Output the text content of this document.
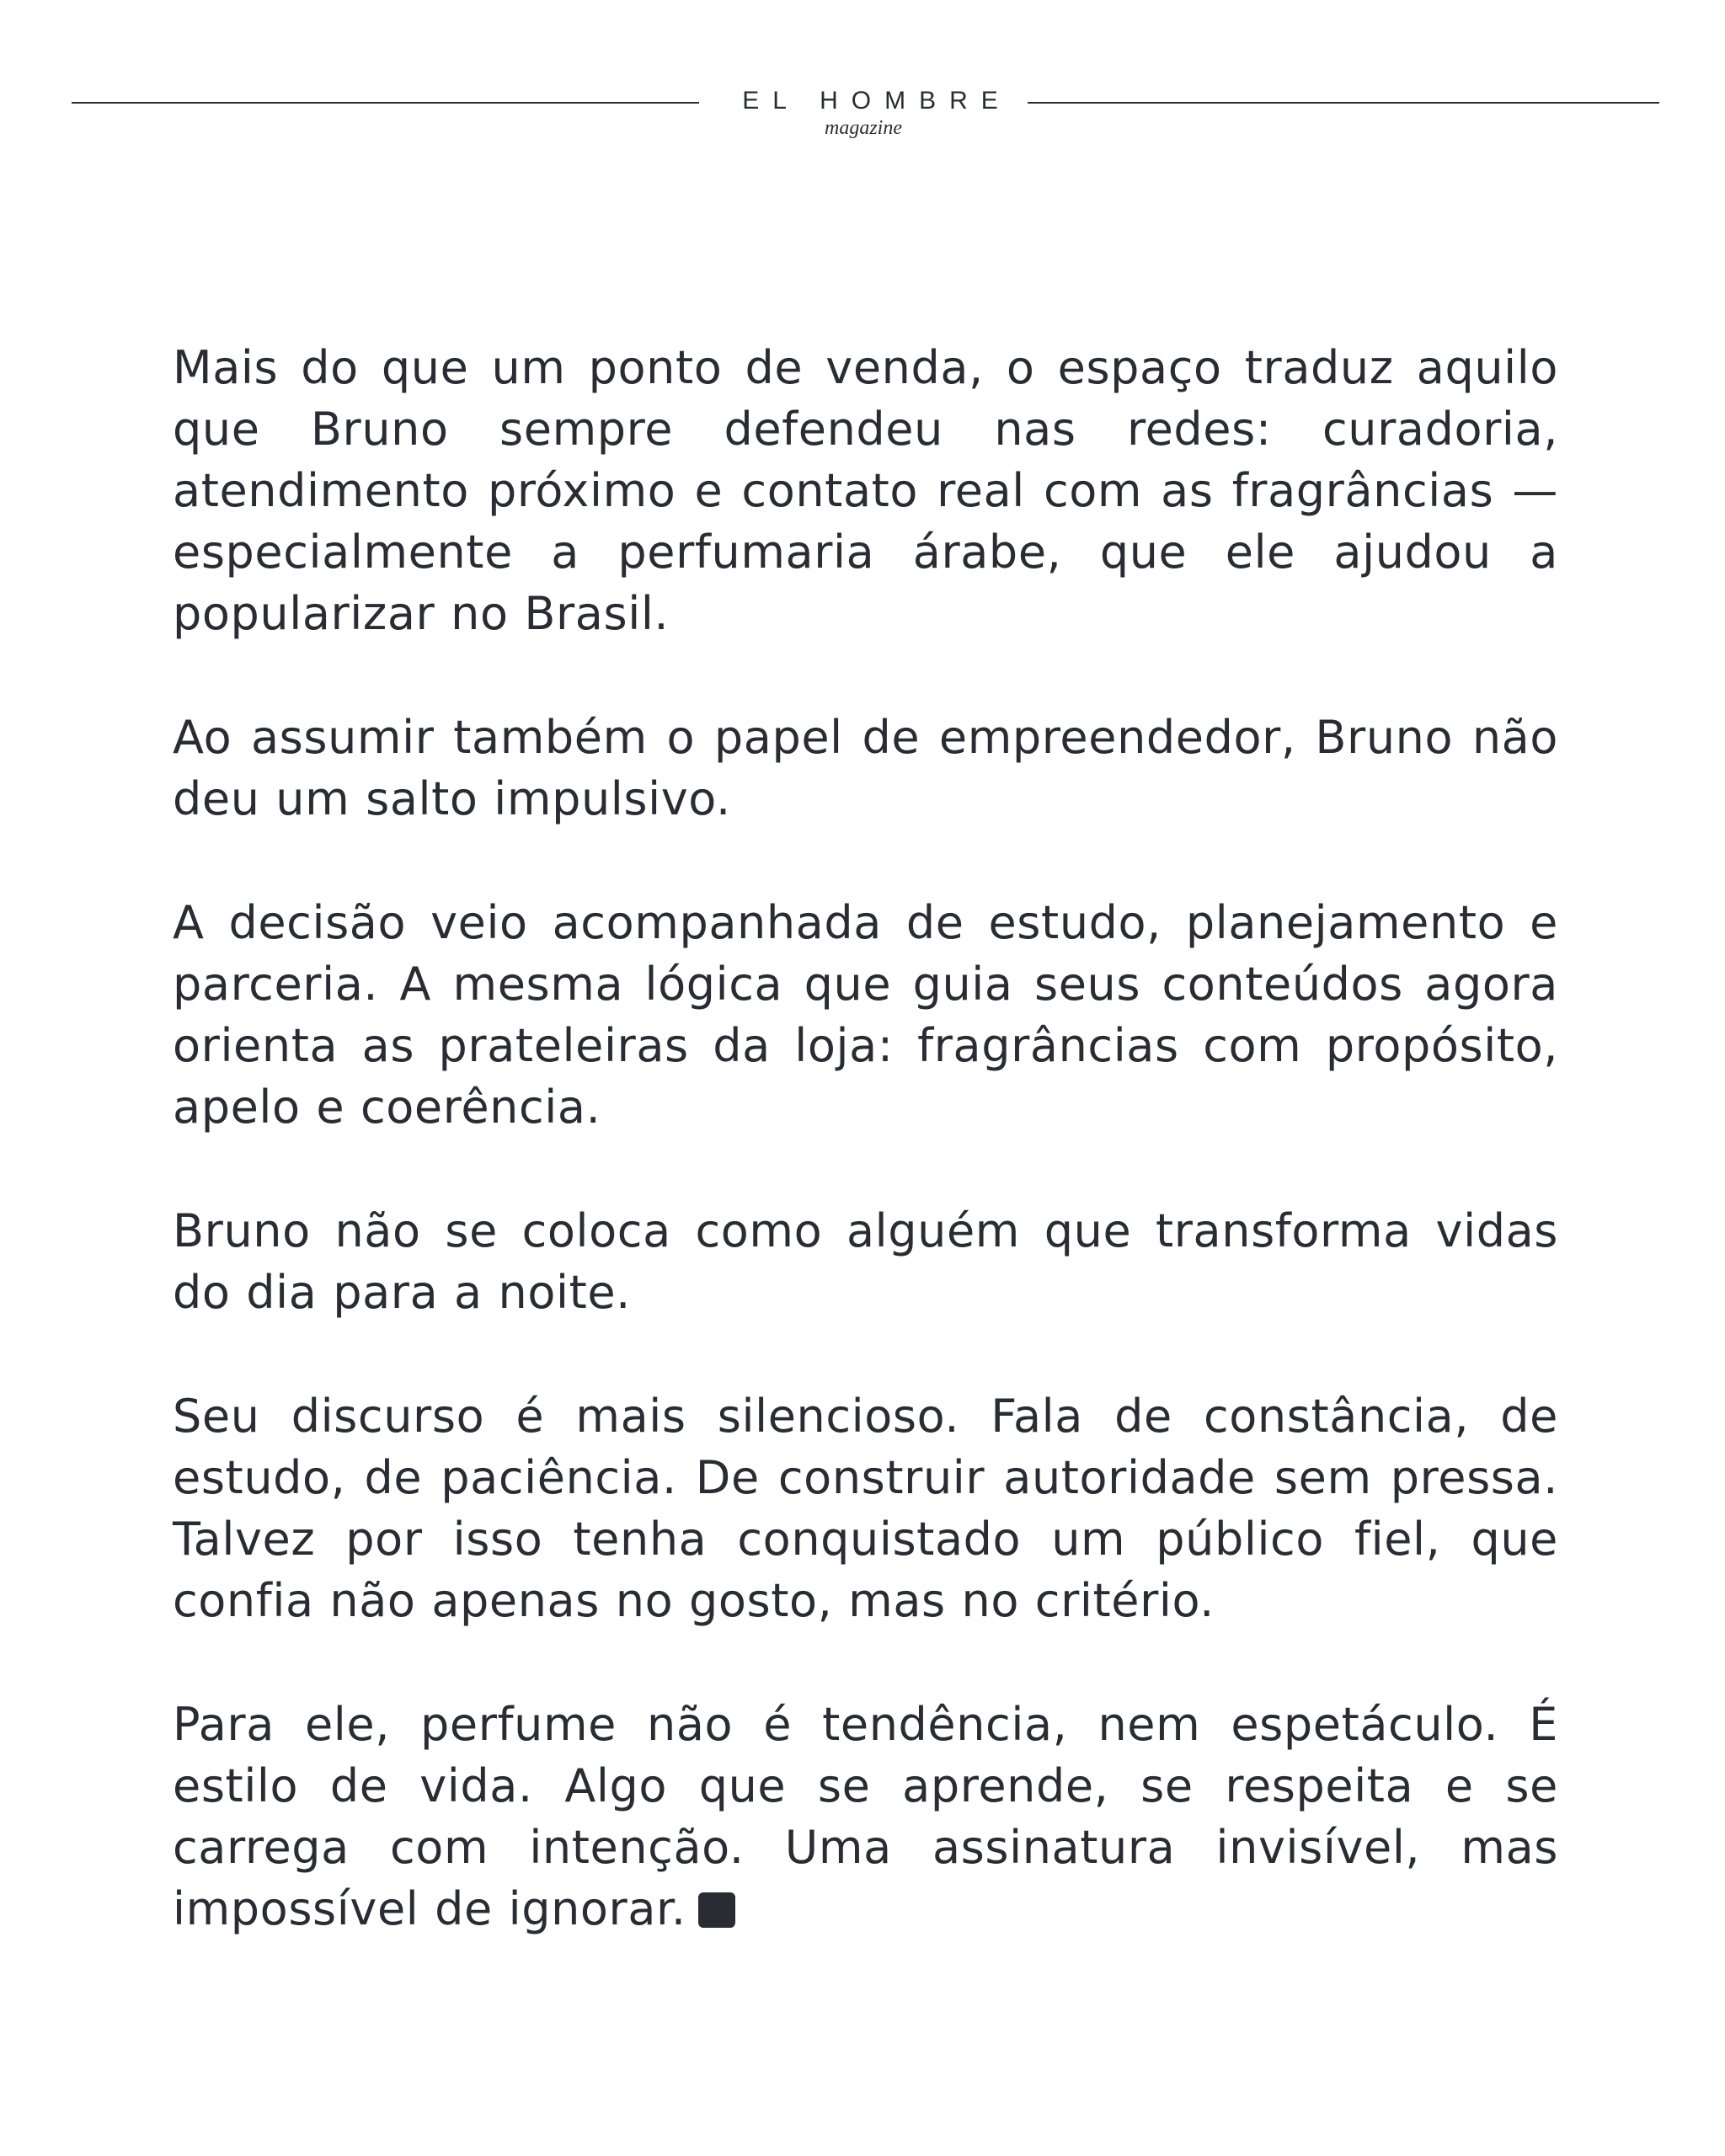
EL HOMBRE
magazine

Mais do que um ponto de venda, o espaço traduz aquilo que Bruno sempre defendeu nas redes: curadoria, atendimento próximo e contato real com as fragrâncias — especialmente a perfumaria árabe, que ele ajudou a popularizar no Brasil.

Ao assumir também o papel de empreendedor, Bruno não deu um salto impulsivo.

A decisão veio acompanhada de estudo, planejamento e parceria. A mesma lógica que guia seus conteúdos agora orienta as prateleiras da loja: fragrâncias com propósito, apelo e coerência.

Bruno não se coloca como alguém que transforma vidas do dia para a noite.

Seu discurso é mais silencioso. Fala de constância, de estudo, de paciência. De construir autoridade sem pressa. Talvez por isso tenha conquistado um público fiel, que confia não apenas no gosto, mas no critério.

Para ele, perfume não é tendência, nem espetáculo. É estilo de vida. Algo que se aprende, se respeita e se carrega com intenção. Uma assinatura invisível, mas impossível de ignorar.
